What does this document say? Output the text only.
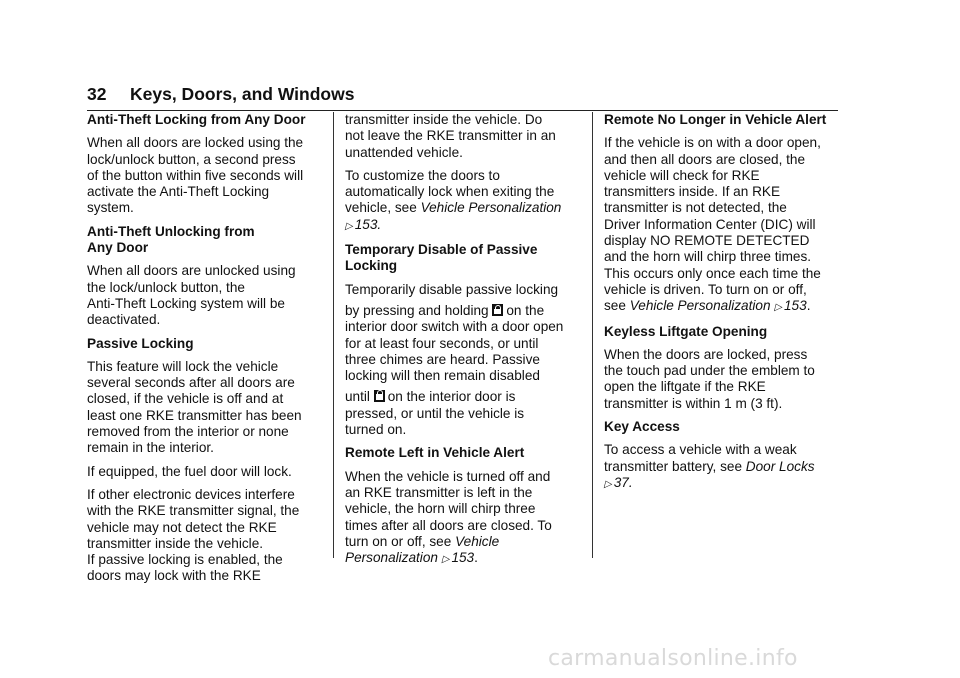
32 Keys, Doors, and Windows
Anti-Theft Locking from Any Door

When all doors are locked using the
lock/unlock button, a second press
of the button within five seconds will
activate the Anti-Theft Locking
system.

Anti-Theft Unlocking from
Any Door

When all doors are unlocked using
the lock/unlock button, the
Anti-Theft Locking system will be
deactivated.

Passive Locking

This feature will lock the vehicle
several seconds after all doors are
closed, if the vehicle is off and at
least one RKE transmitter has been
removed from the interior or none
remain in the interior.

If equipped, the fuel door will lock.

If other electronic devices interfere
with the RKE transmitter signal, the
vehicle may not detect the RKE
transmitter inside the vehicle.
If passive locking is enabled, the
doors may lock with the RKE

transmitter inside the vehicle. Do
not leave the RKE transmitter in an
unattended vehicle.

To customize the doors to
automatically lock when exiting the
vehicle, see Vehicle Personalization
▷ 153.

Temporary Disable of Passive
Locking

Temporarily disable passive locking
by pressing and holding on the
interior door switch with a door open
for at least four seconds, or until
three chimes are heard. Passive
locking will then remain disabled
until on the interior door is
pressed, or until the vehicle is
turned on.

Remote Left in Vehicle Alert

When the vehicle is turned off and
an RKE transmitter is left in the
vehicle, the horn will chirp three
times after all doors are closed. To
turn on or off, see Vehicle
Personalization ▷ 153.

Remote No Longer in Vehicle Alert

If the vehicle is on with a door open,
and then all doors are closed, the
vehicle will check for RKE
transmitters inside. If an RKE
transmitter is not detected, the
Driver Information Center (DIC) will
display NO REMOTE DETECTED
and the horn will chirp three times.
This occurs only once each time the
vehicle is driven. To turn on or off,
see Vehicle Personalization ▷ 153.

Keyless Liftgate Opening

When the doors are locked, press
the touch pad under the emblem to
open the liftgate if the RKE
transmitter is within 1 m (3 ft).

Key Access

To access a vehicle with a weak
transmitter battery, see Door Locks
▷ 37.

carmanualsonline.info
